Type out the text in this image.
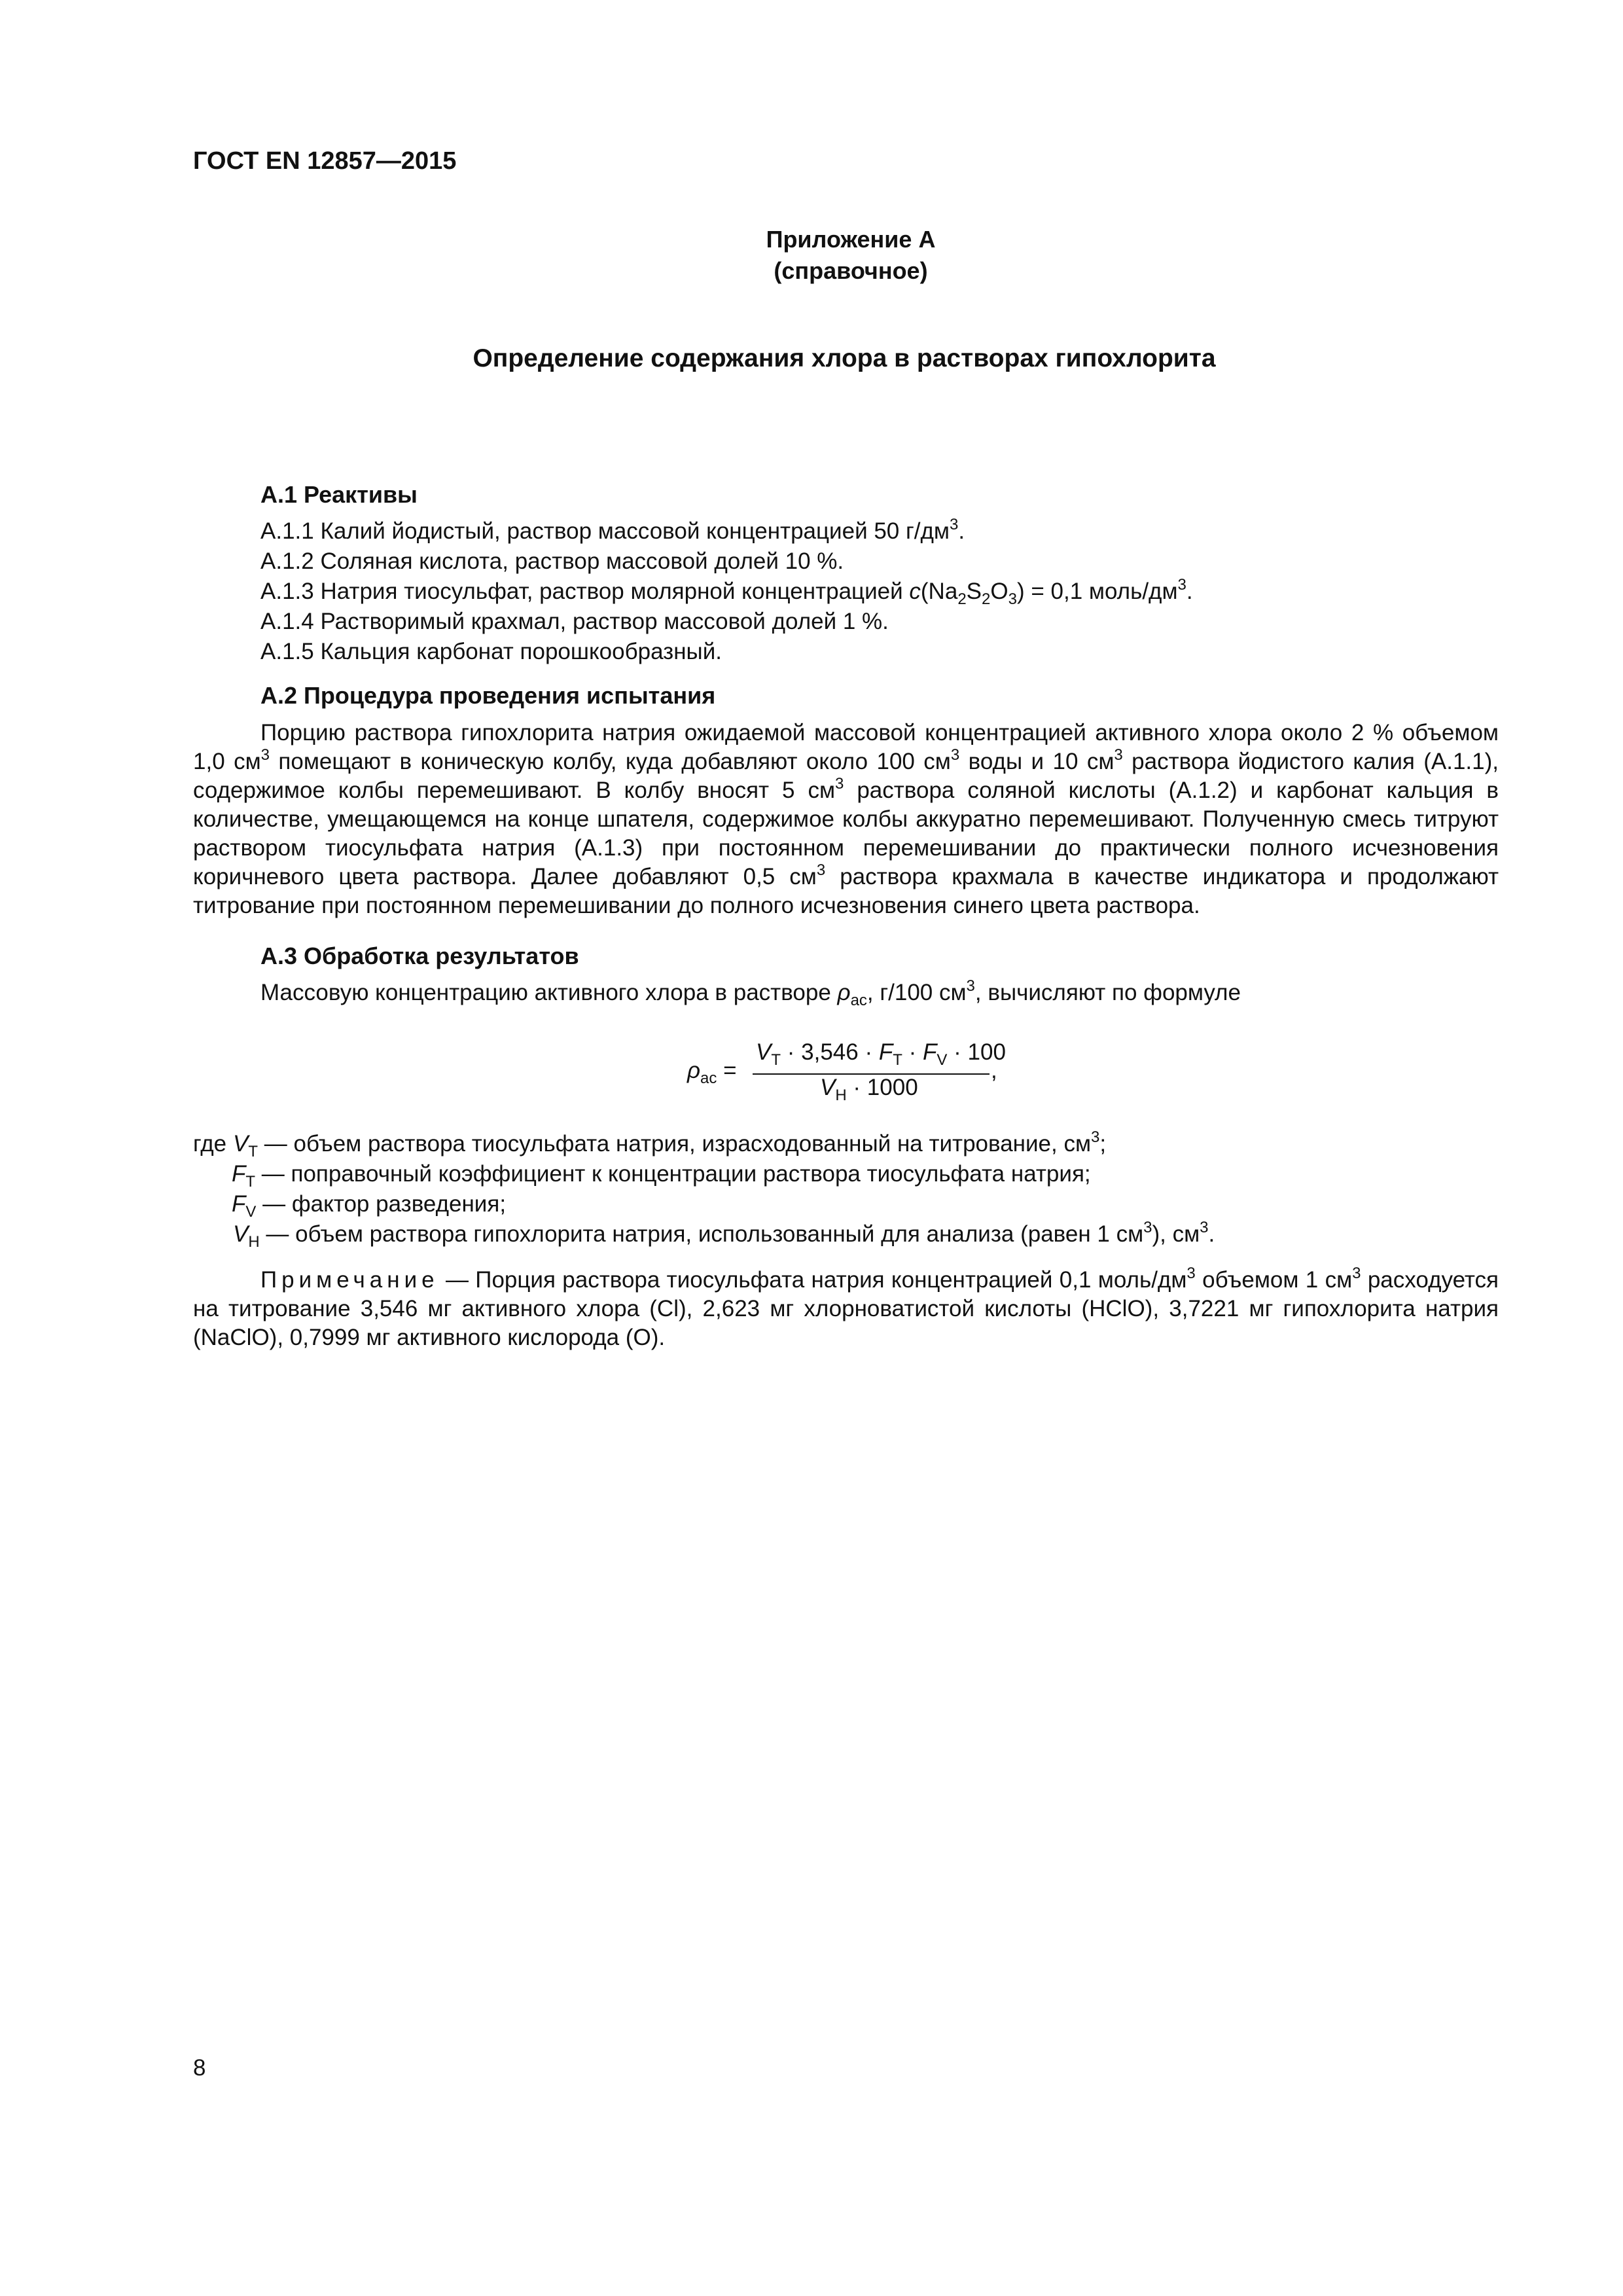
ГОСТ EN 12857—2015
Приложение А
(справочное)
Определение содержания хлора в растворах гипохлорита
А.1 Реактивы
А.1.1 Калий йодистый, раствор массовой концентрацией 50 $г/дм^3$.
А.1.2 Соляная кислота, раствор массовой долей 10 %.
А.1.3 Натрия тиосульфат, раствор молярной концентрацией $c(Na_2S_2O_3) = 0,1$ моль/$дм^3$.
А.1.4 Растворимый крахмал, раствор массовой долей 1 %.
А.1.5 Кальция карбонат порошкообразный.
А.2 Процедура проведения испытания
Порцию раствора гипохлорита натрия ожидаемой массовой концентрацией активного хлора около 2 % объемом 1,0 $см^3$ помещают в коническую колбу, куда добавляют около 100 $см^3$ воды и 10 $см^3$ раствора йодистого калия (А.1.1), содержимое колбы перемешивают. В колбу вносят 5 $см^3$ раствора соляной кислоты (А.1.2) и карбонат кальция в количестве, умещающемся на конце шпателя, содержимое колбы аккуратно перемешивают. Полученную смесь титруют раствором тиосульфата натрия (А.1.3) при постоянном перемешивании до практически полного исчезновения коричневого цвета раствора. Далее добавляют 0,5 $см^3$ раствора крахмала в качестве индикатора и продолжают титрование при постоянном перемешивании до полного исчезновения синего цвета раствора.
А.3 Обработка результатов
Массовую концентрацию активного хлора в растворе $\rho_{ac}$, г/100 $см^3$, вычисляют по формуле
$\rho_{ac}$ =
$V_T \cdot 3,546 \cdot F_T \cdot F_V \cdot 100$
$V_H \cdot 1000$
,
где $V_T$ — объем раствора тиосульфата натрия, израсходованный на титрование, $см^3$;
$F_T$ — поправочный коэффициент к концентрации раствора тиосульфата натрия;
$F_V$ — фактор разведения;
$V_H$ — объем раствора гипохлорита натрия, использованный для анализа (равен 1 $см^3$), $см^3$.
Примечание — Порция раствора тиосульфата натрия концентрацией 0,1 моль/$дм^3$ объемом 1 $см^3$ расходуется на титрование 3,546 мг активного хлора (Cl), 2,623 мг хлорноватистой кислоты (HClO), 3,7221 мг гипохлорита натрия (NaClO), 0,7999 мг активного кислорода (O).
8
